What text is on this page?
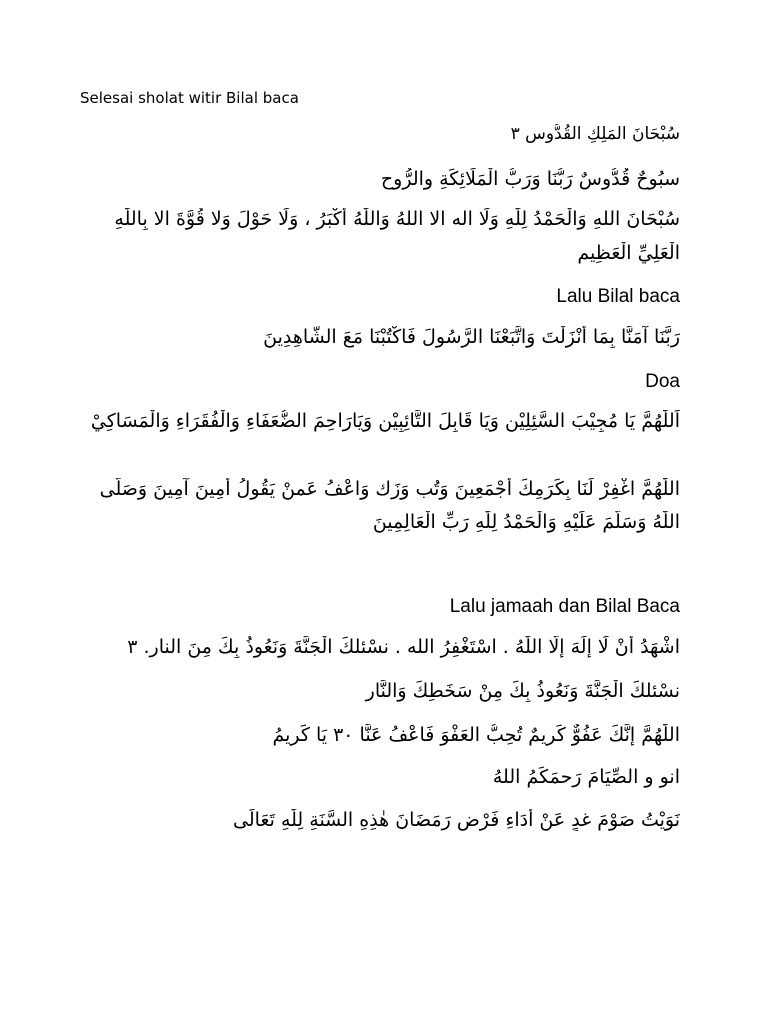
Selesai sholat witir Bilal baca
سُبْحَانَ المَلِكِ القُدُّوس ٣
سبُوحٌ قُدُّوسٌ رَبُّنَا وَرَبُّ الْمَلَائِكَةِ والرُّوحِ
سُبْحَانَ اللهِ وَالْحَمْدُ لِلّٰهِ وَلَا اله الا اللهُ وَاللّٰهُ أَكْبَرُ ، وَلَا حَوْلَ وَلا قُوَّةَ الا بِاللّٰهِ
الْعَلِيِّ الْعَظِيمِ
Lalu Bilal baca
رَبَّنَا آمَنَّا بِمَا أَنْزَلْتَ وَاتَّبَعْنَا الرَّسُولَ فَاكْتُبْنَا مَعَ الشَّاهِدِينَ
Doa
اَللّٰهُمَّ يَا مُجِيْبَ السَّئِلِيْن وَيَا قَابِلَ التَّائِبِيْن وَيَارَاحِمَ الضُّعَفَاءِ وَالْفُقَرَاءِ وَالْمَسَاكِيْ
اللّٰهُمَّ اغْفِرْ لَنَا بِكَرَمِكَ أَجْمَعِينَ وَتُب وَزَك وَاعْفُ عَمنْ يَقُولُ أَمِينَ آمِينَ وَصَلَّى
اللّٰهُ وَسَلَّمَ عَلَيْهِ وَالْحَمْدُ لِلّٰهِ رَبِّ الْعَالِمِينَ
Lalu jamaah dan Bilal Baca
اشْهَدُ أَنْ لَا إِلَهَ إِلَّا اللّٰهُ . اسْتَغْفِرُ الله . نسْئلكَ الْجَنَّةَ وَنَعُوذُ بِكَ مِنَ النار. ٣
نسْئلكَ الْجَنَّةَ وَنَعُوذُ بِكَ مِنْ سَخَطِكَ وَالنَّارِ
اللّٰهُمَّ إِنَّكَ عَفُوٌّ كَرِيمٌ تُحِبُّ العَفْوَ فَاعْفُ عَنَّا ٣٠ يَا كَرِيمُ
انو و الصِّيَامَ رَحمَكَمُ اللهُ
نَوَيْتُ صَوْمَ غدٍ عَنْ أَدَاءِ فَرْضِ رَمَضَانَ هٰذِهِ السَّنَةِ لِلّٰهِ تَعَالَى
